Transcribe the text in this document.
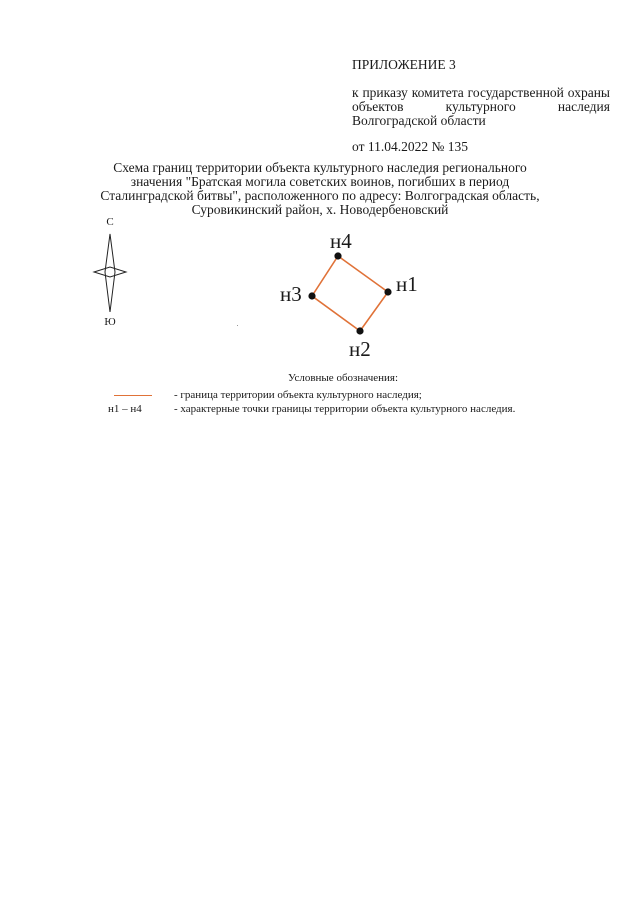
ПРИЛОЖЕНИЕ 3

к приказу комитета государственной охраны объектов культурного наследия Волгоградской области

от 11.04.2022 № 135

Схема границ территории объекта культурного наследия регионального значения "Братская могила советских воинов, погибших в период Сталинградской битвы", расположенного по адресу: Волгоградская область, Суровикинский район, х. Новодербеновский

С
Ю
н1
н2
н3
н4

Условные обозначения:

- граница территории объекта культурного наследия;
н1 – н4	- характерные точки границы территории объекта культурного наследия.
